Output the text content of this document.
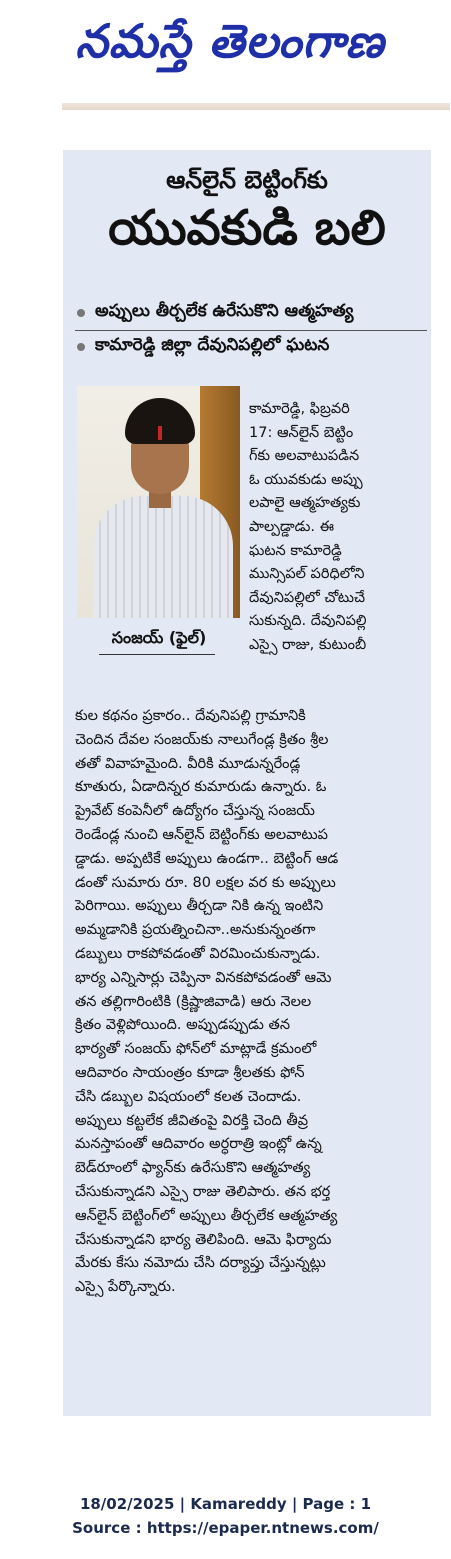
నమస్తే తెలంగాణ
ఆన్‌లైన్ బెట్టింగ్‌కు
యువకుడి బలి
అప్పులు తీర్చలేక ఉరేసుకొని ఆత్మహత్య
కామారెడ్డి జిల్లా దేవునిపల్లిలో ఘటన
సంజయ్ (ఫైల్)
కామారెడ్డి, ఫిబ్రవరి
17: ఆన్‌లైన్ బెట్టిం
గ్‌కు అలవాటుపడిన
ఓ యువకుడు అప్పు
లపాలై ఆత్మహత్యకు
పాల్పడ్డాడు. ఈ
ఘటన కామారెడ్డి
మున్సిపల్ పరిధిలోని
దేవునిపల్లిలో చోటుచే
సుకున్నది. దేవునిపల్లి
ఎస్సై రాజు, కుటుంబీ
కుల కథనం ప్రకారం.. దేవునిపల్లి గ్రామానికి
చెందిన దేవల సంజయ్‌కు నాలుగేండ్ల క్రితం శ్రీల
తతో వివాహమైంది. వీరికి మూడున్నరేండ్ల
కూతురు, ఏడాదిన్నర కుమారుడు ఉన్నారు. ఓ
ప్రైవేట్ కంపెనీలో ఉద్యోగం చేస్తున్న సంజయ్
రెండేండ్ల నుంచి ఆన్‌లైన్ బెట్టింగ్‌కు అలవాటుప
డ్డాడు. అప్పటికే అప్పులు ఉండగా.. బెట్టింగ్ ఆడ
డంతో సుమారు రూ. 80 లక్షల వర కు అప్పులు
పెరిగాయి. అప్పులు తీర్చడా నికి ఉన్న ఇంటిని
అమ్మడానికి ప్రయత్నించినా..అనుకున్నంతగా
డబ్బులు రాకపోవడంతో విరమించుకున్నాడు.
భార్య ఎన్నిసార్లు చెప్పినా వినకపోవడంతో ఆమె
తన తల్లిగారింటికి (క్రిష్ణాజివాడి) ఆరు నెలల
క్రితం వెళ్లిపోయింది. అప్పుడప్పుడు తన
భార్యతో సంజయ్ ఫోన్‌లో మాట్లాడే క్రమంలో
ఆదివారం సాయంత్రం కూడా శ్రీలతకు ఫోన్
చేసి డబ్బుల విషయంలో కలత చెందాడు.
అప్పులు కట్టలేక జీవితంపై విరక్తి చెంది తీవ్ర
మనస్తాపంతో ఆదివారం అర్ధరాత్రి ఇంట్లో ఉన్న
బెడ్‌రూంలో ఫ్యాన్‌కు ఉరేసుకొని ఆత్మహత్య
చేసుకున్నాడని ఎస్సై రాజు తెలిపారు. తన భర్త
ఆన్‌లైన్ బెట్టింగ్‌లో అప్పులు తీర్చలేక ఆత్మహత్య
చేసుకున్నాడని భార్య తెలిపింది. ఆమె ఫిర్యాదు
మేరకు కేసు నమోదు చేసి దర్యాప్తు చేస్తున్నట్లు
ఎస్సై పేర్కొన్నారు.
18/02/2025 | Kamareddy | Page : 1
Source : https://epaper.ntnews.com/
